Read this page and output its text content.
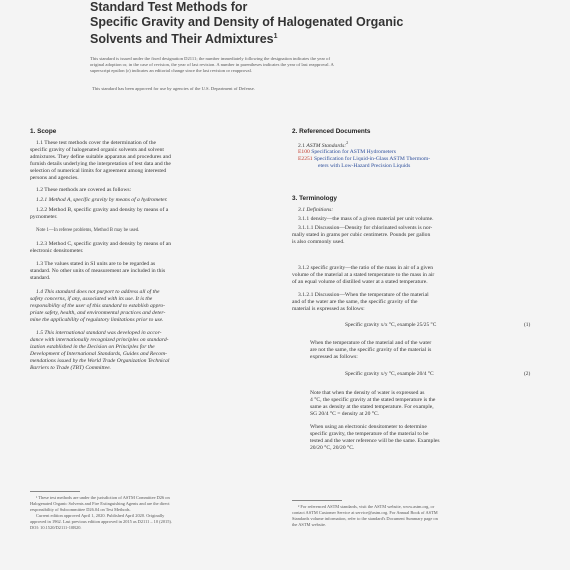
Standard Test Methods for
Specific Gravity and Density of Halogenated Organic
Solvents and Their Admixtures$^1$
This standard is issued under the fixed designation D2111; the number immediately following the designation indicates the year of
original adoption or, in the case of revision, the year of last revision. A number in parentheses indicates the year of last reapproval. A
superscript epsilon (ε) indicates an editorial change since the last revision or reapproval.
This standard has been approved for use by agencies of the U.S. Department of Defense.
1. Scope
1.1 These test methods cover the determination of the
specific gravity of halogenated organic solvents and solvent
admixtures. They define suitable apparatus and procedures and
furnish details underlying the interpretation of test data and the
selection of numerical limits for agreement among interested
persons and agencies.
1.2 These methods are covered as follows:
1.2.1 Method A, specific gravity by means of a hydrometer.
1.2.2 Method B, specific gravity and density by means of a
pycnometer.
Note 1—In referee problems, Method B may be used.
1.2.3 Method C, specific gravity and density by means of an
electronic densitometer.
1.3 The values stated in SI units are to be regarded as
standard. No other units of measurement are included in this
standard.
1.4 This standard does not purport to address all of the
safety concerns, if any, associated with its use. It is the
responsibility of the user of this standard to establish appro-
priate safety, health, and environmental practices and deter-
mine the applicability of regulatory limitations prior to use.
1.5 This international standard was developed in accor-
dance with internationally recognized principles on standard-
ization established in the Decision on Principles for the
Development of International Standards, Guides and Recom-
mendations issued by the World Trade Organization Technical
Barriers to Trade (TBT) Committee.
¹ These test methods are under the jurisdiction of ASTM Committee D26 on
Halogenated Organic Solvents and Fire Extinguishing Agents and are the direct
responsibility of Subcommittee D26.04 on Test Methods.
Current edition approved April 1, 2020. Published April 2020. Originally
approved in 1962. Last previous edition approved in 2015 as D2111 – 10 (2015).
DOI: 10.1520/D2111-10R20.
2. Referenced Documents
2.1 ASTM Standards:$^2$
E100 Specification for ASTM Hydrometers
E2251 Specification for Liquid-in-Glass ASTM Thermom-
eters with Low-Hazard Precision Liquids
3. Terminology
3.1 Definitions:
3.1.1 density—the mass of a given material per unit volume.
3.1.1.1 Discussion—Density for chlorinated solvents is nor-
mally stated in grams per cubic centimetre. Pounds per gallon
is also commonly used.
3.1.2 specific gravity—the ratio of the mass in air of a given
volume of the material at a stated temperature to the mass in air
of an equal volume of distilled water at a stated temperature.
3.1.2.1 Discussion—When the temperature of the material
and of the water are the same, the specific gravity of the
material is expressed as follows:
Specific gravity x/x °C, example 25/25 °C	(1)
When the temperature of the material and of the water
are not the same, the specific gravity of the material is
expressed as follows:
Specific gravity x/y °C, example 20/4 °C	(2)
Note that when the density of water is expressed as
4 °C, the specific gravity at the stated temperature is the
same as density at the stated temperature. For example,
SG 20/4 °C = density at 20 °C.
When using an electronic densitometer to determine
specific gravity, the temperature of the material to be
tested and the water reference will be the same. Examples
20/20 °C, 20/20 °C.
² For referenced ASTM standards, visit the ASTM website, www.astm.org, or
contact ASTM Customer Service at service@astm.org. For Annual Book of ASTM
Standards volume information, refer to the standard's Document Summary page on
the ASTM website.
